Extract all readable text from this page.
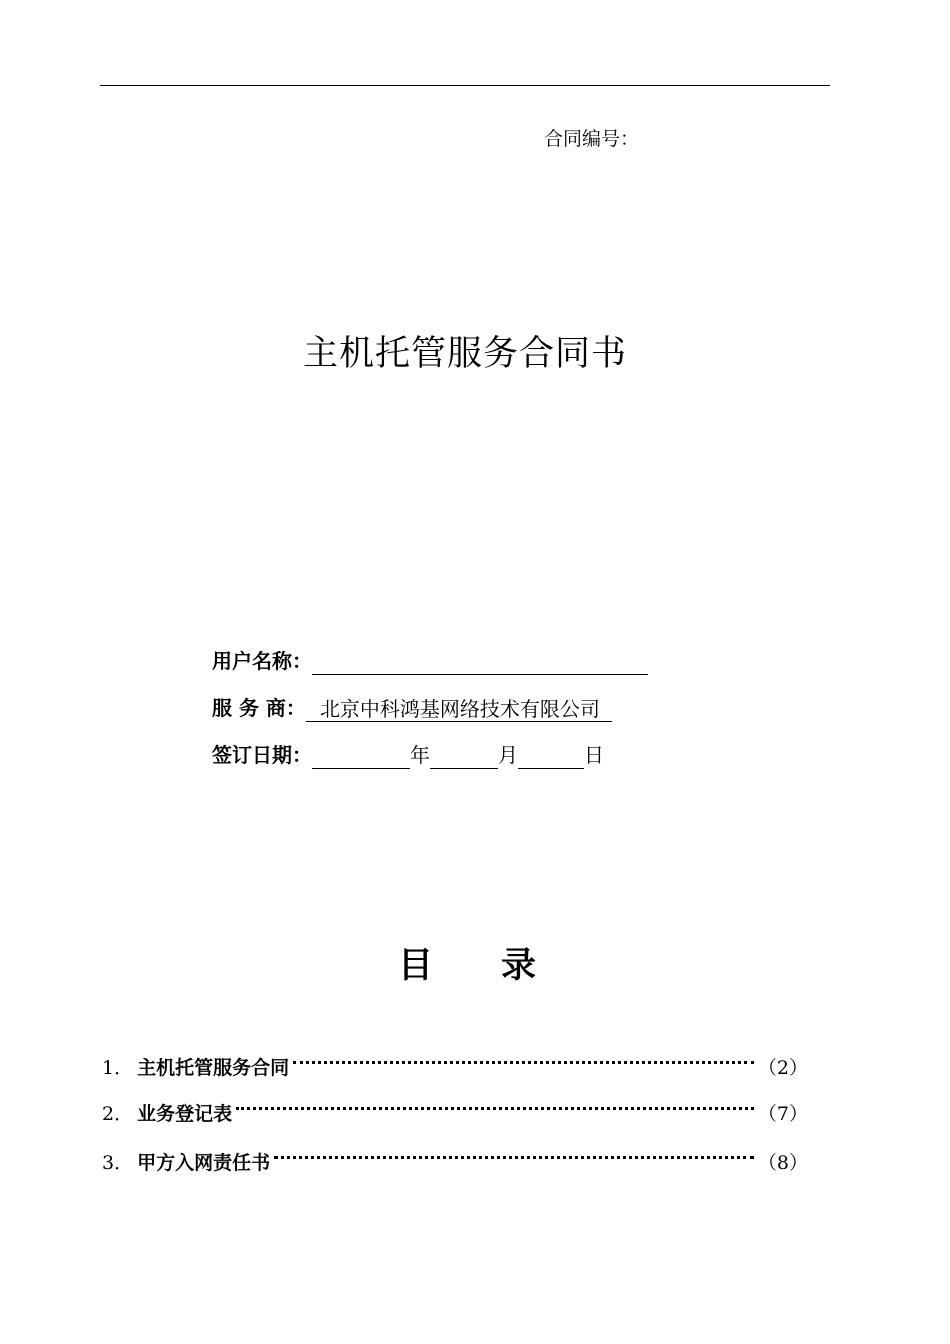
合同编号：
主机托管服务合同书
用户名称：
服 务 商： 北京中科鸿基网络技术有限公司
签订日期：	年	月	日
目 录
1． 主机托管服务合同	（2）
2． 业务登记表	（7）
3． 甲方入网责任书	（8）
